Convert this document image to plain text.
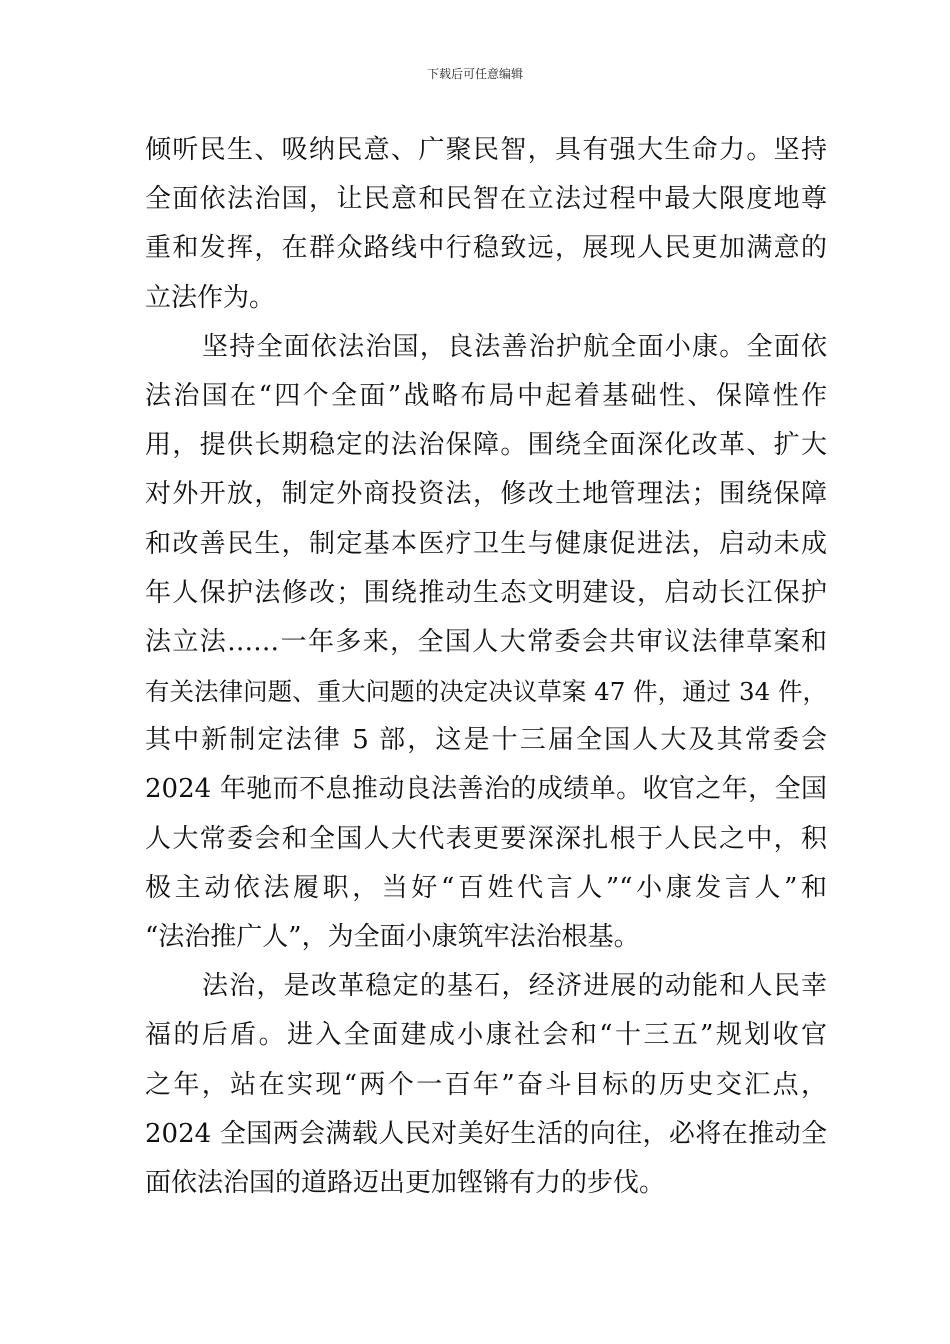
下载后可任意编辑
倾听民生、吸纳民意、广聚民智，具有强大生命力。坚持
全面依法治国，让民意和民智在立法过程中最大限度地尊
重和发挥，在群众路线中行稳致远，展现人民更加满意的
立法作为。
坚持全面依法治国，良法善治护航全面小康。全面依
法治国在“四个全面”战略布局中起着基础性、保障性作
用，提供长期稳定的法治保障。围绕全面深化改革、扩大
对外开放，制定外商投资法，修改土地管理法；围绕保障
和改善民生，制定基本医疗卫生与健康促进法，启动未成
年人保护法修改；围绕推动生态文明建设，启动长江保护
法立法……一年多来，全国人大常委会共审议法律草案和
有关法律问题、重大问题的决定决议草案 47 件，通过 34 件，
其中新制定法律 5 部，这是十三届全国人大及其常委会
2024 年驰而不息推动良法善治的成绩单。收官之年，全国
人大常委会和全国人大代表更要深深扎根于人民之中，积
极主动依法履职，当好“百姓代言人”“小康发言人”和
“法治推广人”，为全面小康筑牢法治根基。
法治，是改革稳定的基石，经济进展的动能和人民幸
福的后盾。进入全面建成小康社会和“十三五”规划收官
之年，站在实现“两个一百年”奋斗目标的历史交汇点，
2024 全国两会满载人民对美好生活的向往，必将在推动全
面依法治国的道路迈出更加铿锵有力的步伐。
